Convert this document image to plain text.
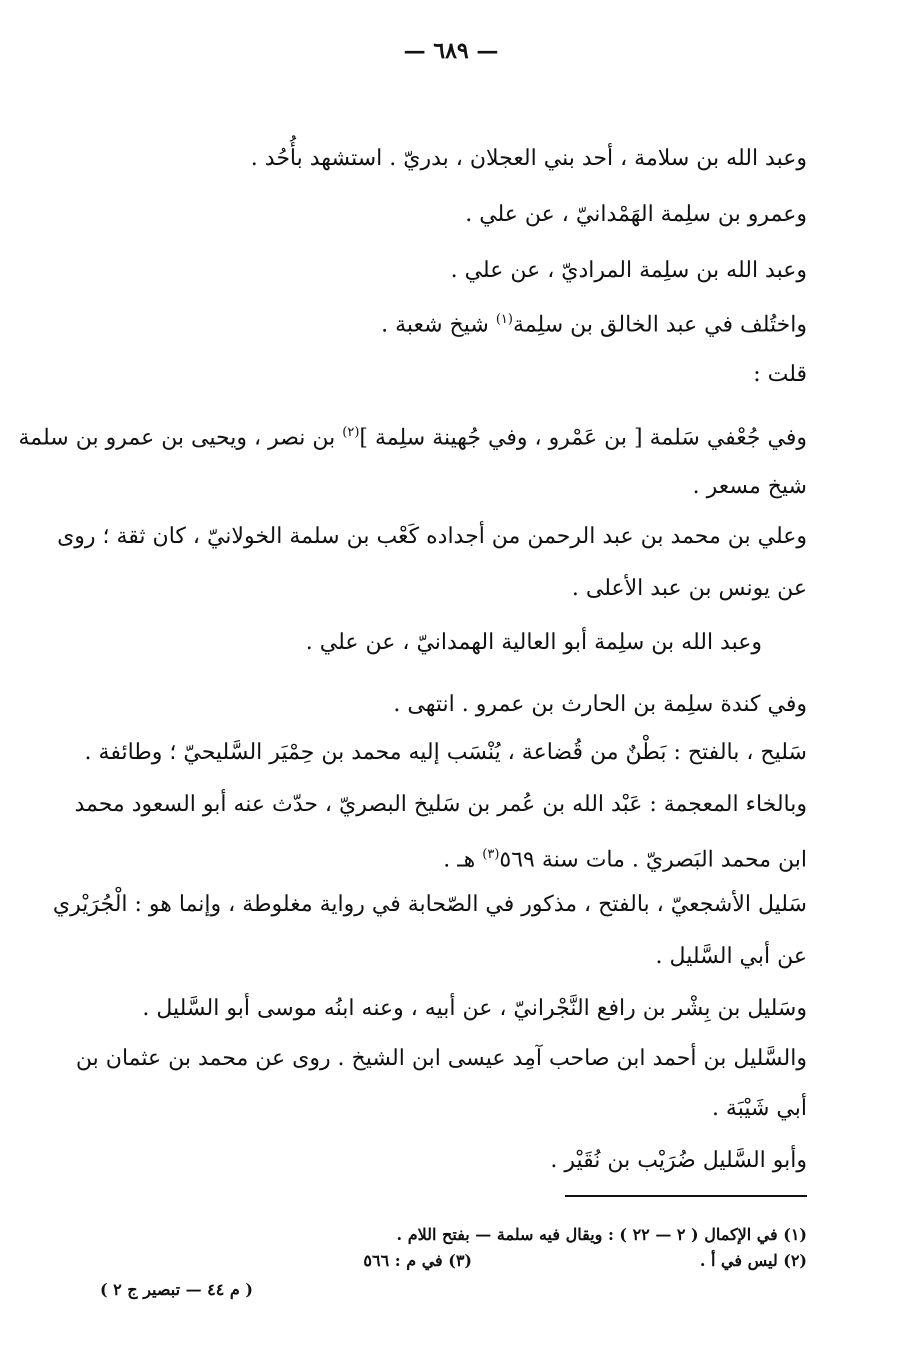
— ٦٨٩ —
وعبد الله بن سلامة ، أحد بني العجلان ، بدريّ . استشهد بأُحُد .
وعمرو بن سلِمة الهَمْدانيّ ، عن علي .
وعبد الله بن سلِمة المراديّ ، عن علي .
واختُلف في عبد الخالق بن سلِمة$^{(١)}$ شيخ شعبة .
قلت :
وفي جُعْفي سَلمة [ بن عَمْرو ، وفي جُهينة سلِمة ]$^{(٢)}$ بن نصر ، ويحيى بن عمرو بن سلمة
شيخ مسعر .
وعلي بن محمد بن عبد الرحمن من أجداده كَعْب بن سلمة الخولانيّ ، كان ثقة ؛ روى
عن يونس بن عبد الأعلى .
وعبد الله بن سلِمة أبو العالية الهمدانيّ ، عن علي .
وفي كندة سلِمة بن الحارث بن عمرو . انتهى .
سَليح ، بالفتح : بَطْنٌ من قُضاعة ، يُنْسَب إليه محمد بن حِمْيَر السَّليحيّ ؛ وطائفة .
وبالخاء المعجمة : عَبْد الله بن عُمر بن سَليخ البصريّ ، حدّث عنه أبو السعود محمد
ابن محمد البَصريّ . مات سنة ٥٦٩$^{(٣)}$ هـ .
سَليل الأشجعيّ ، بالفتح ، مذكور في الصّحابة في رواية مغلوطة ، وإنما هو : الْجُرَيْري
عن أبي السَّليل .
وسَليل بن بِشْر بن رافع النَّجْرانيّ ، عن أبيه ، وعنه ابنُه موسى أبو السَّليل .
والسَّليل بن أحمد ابن صاحب آمِد عيسى ابن الشيخ . روى عن محمد بن عثمان بن
أبي شَيْبَة .
وأبو السَّليل ضُرَيْب بن نُقَيْر .
(١) في الإكمال ( ٢ — ٢٢ ) : ويقال فيه سلمة — بفتح اللام .
(٢) ليس في أ .
(٣) في م : ٥٦٦
( م ٤٤ — تبصير ج ٢ )
